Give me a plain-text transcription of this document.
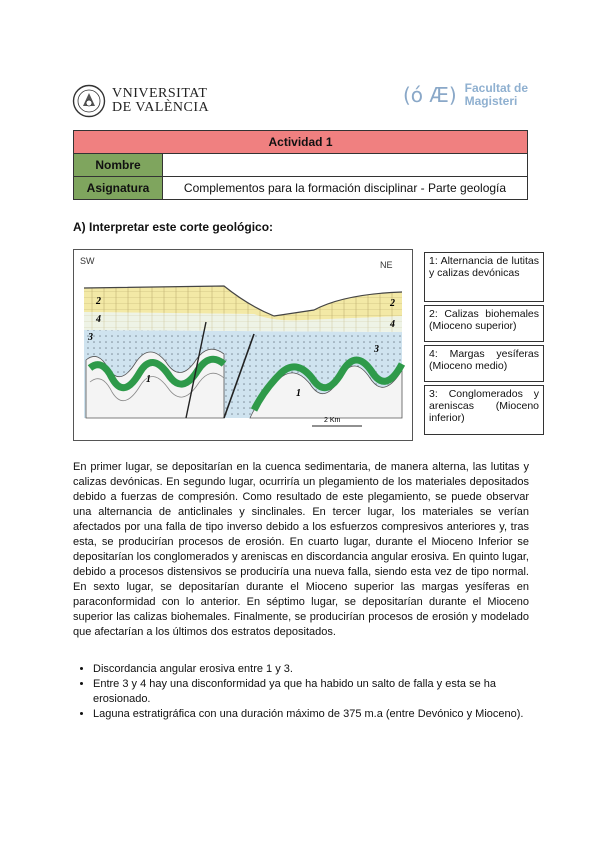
VNIVERSITAT
DE VALÈNCIA
(ó Æ) Facultat de
Magisteri
Actividad 1	
Nombre	
Asignatura	Complementos para la formación disciplinar - Parte geología
A) Interpretar este corte geológico:
SW	NE
2
4
3
1
2
4
3
1
2 Km
1: Alternancia de lutitas y calizas devónicas
2: Calizas biohemales (Mioceno superior)
4: Margas yesíferas (Mioceno medio)
3: Conglomerados y areniscas (Mioceno inferior)

En primer lugar, se depositarían en la cuenca sedimentaria, de manera alterna, las lutitas y calizas devónicas. En segundo lugar, ocurriría un plegamiento de los materiales depositados debido a fuerzas de compresión. Como resultado de este plegamiento, se puede observar una alternancia de anticlinales y sinclinales. En tercer lugar, los materiales se verían afectados por una falla de tipo inverso debido a los esfuerzos compresivos anteriores y, tras esta, se producirían procesos de erosión. En cuarto lugar, durante el Mioceno Inferior se depositarían los conglomerados y areniscas en discordancia angular erosiva. En quinto lugar, debido a procesos distensivos se produciría una nueva falla, siendo esta vez de tipo normal. En sexto lugar, se depositarían durante el Mioceno superior las margas yesíferas en paraconformidad con lo anterior. En séptimo lugar, se depositarían durante el Mioceno superior las calizas biohemales. Finalmente, se producirían procesos de erosión y modelado que afectarían a los últimos dos estratos depositados.

• Discordancia angular erosiva entre 1 y 3.
• Entre 3 y 4 hay una disconformidad ya que ha habido un salto de falla y esta se ha erosionado.
• Laguna estratigráfica con una duración máximo de 375 m.a (entre Devónico y Mioceno).
